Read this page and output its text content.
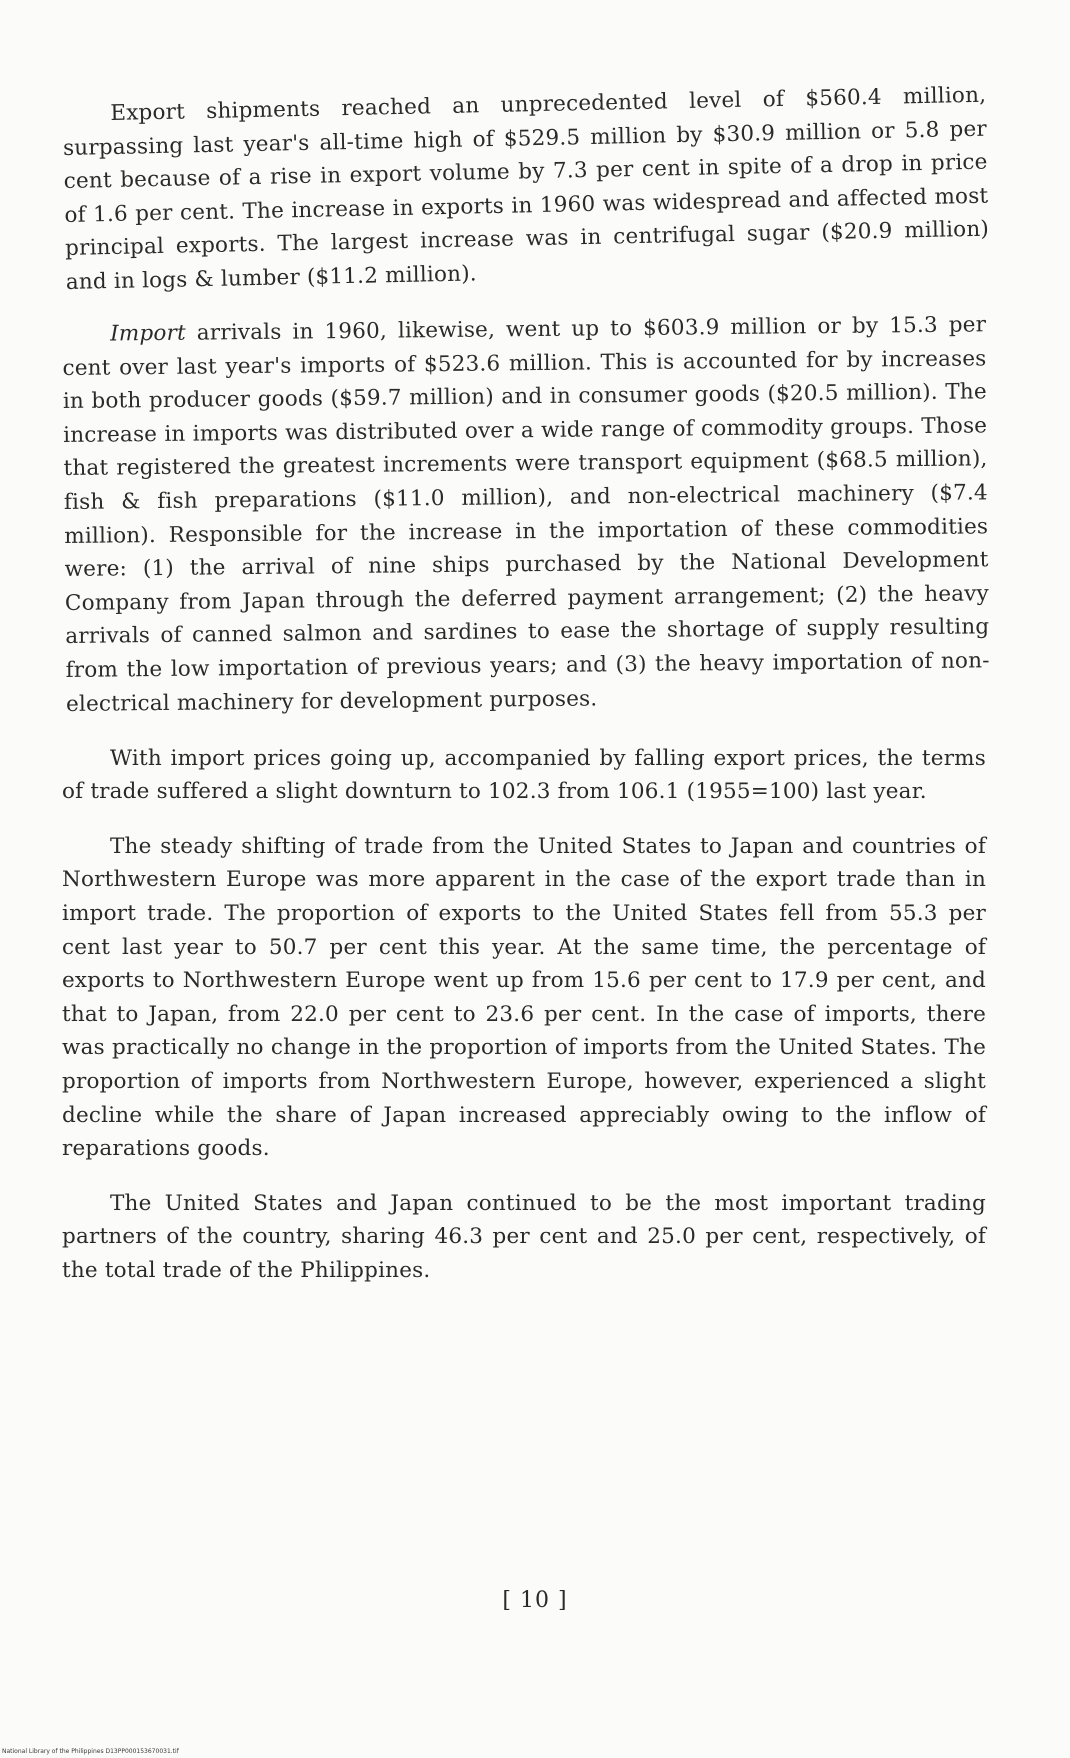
Export shipments reached an unprecedented level of $560.4 million, surpassing last year's all-time high of $529.5 million by $30.9 million or 5.8 per cent because of a rise in export volume by 7.3 per cent in spite of a drop in price of 1.6 per cent. The increase in exports in 1960 was widespread and affected most principal exports. The largest increase was in centrifugal sugar ($20.9 million) and in logs & lumber ($11.2 million).

Import arrivals in 1960, likewise, went up to $603.9 million or by 15.3 per cent over last year's imports of $523.6 million. This is accounted for by increases in both producer goods ($59.7 million) and in consumer goods ($20.5 million). The increase in imports was distributed over a wide range of commodity groups. Those that registered the greatest increments were transport equipment ($68.5 million), fish & fish preparations ($11.0 million), and non-electrical machinery ($7.4 million). Responsible for the increase in the importation of these commodities were: (1) the arrival of nine ships purchased by the National Development Company from Japan through the deferred payment arrangement; (2) the heavy arrivals of canned salmon and sardines to ease the shortage of supply resulting from the low importation of previous years; and (3) the heavy importation of non-electrical machinery for development purposes.

With import prices going up, accompanied by falling export prices, the terms of trade suffered a slight downturn to 102.3 from 106.1 (1955=100) last year.

The steady shifting of trade from the United States to Japan and countries of Northwestern Europe was more apparent in the case of the export trade than in import trade. The proportion of exports to the United States fell from 55.3 per cent last year to 50.7 per cent this year. At the same time, the percentage of exports to Northwestern Europe went up from 15.6 per cent to 17.9 per cent, and that to Japan, from 22.0 per cent to 23.6 per cent. In the case of imports, there was practically no change in the proportion of imports from the United States. The proportion of imports from Northwestern Europe, however, experienced a slight decline while the share of Japan increased appreciably owing to the inflow of reparations goods.

The United States and Japan continued to be the most important trading partners of the country, sharing 46.3 per cent and 25.0 per cent, respectively, of the total trade of the Philippines.

[ 10 ]
National Library of the Philippines D13PP000153670031.tif
